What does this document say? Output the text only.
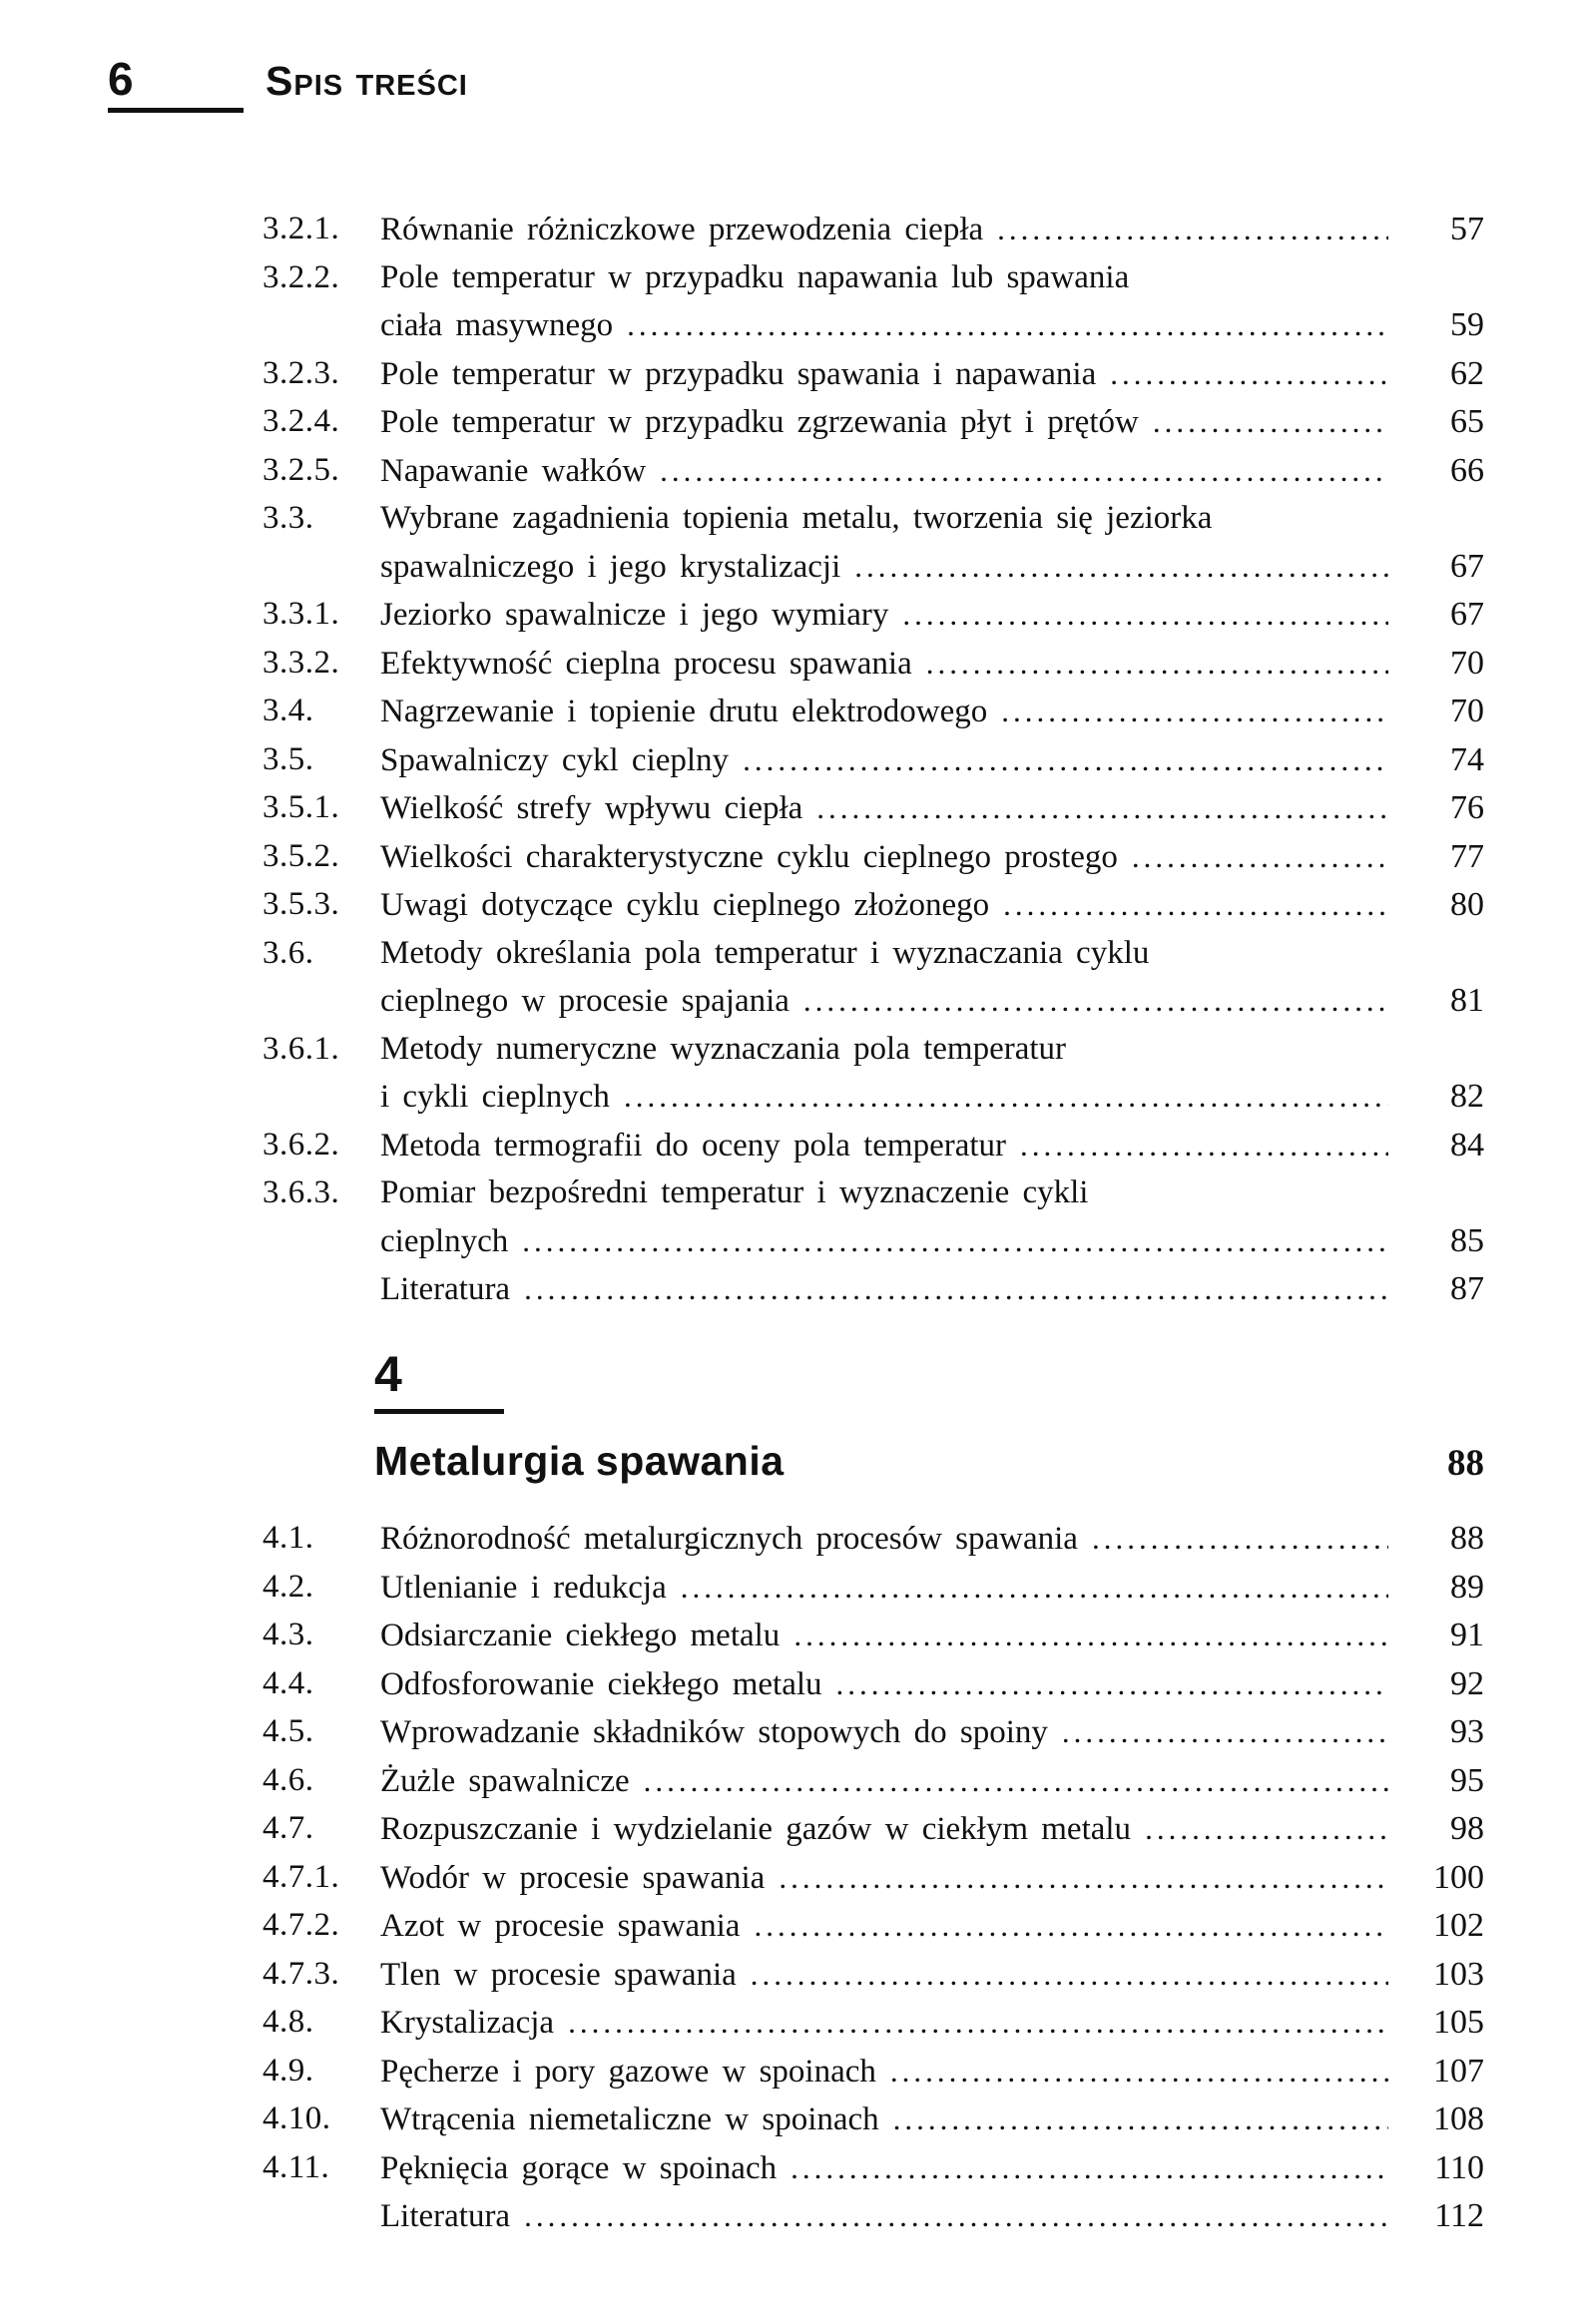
6	Spis treści
3.2.1.	Równanie różniczkowe przewodzenia ciepła .....	57
3.2.2.	Pole temperatur w przypadku napawania lub spawania
ciała masywnego .....	59
3.2.3.	Pole temperatur w przypadku spawania i napawania .....	62
3.2.4.	Pole temperatur w przypadku zgrzewania płyt i prętów .....	65
3.2.5.	Napawanie wałków .....	66
3.3.	Wybrane zagadnienia topienia metalu, tworzenia się jeziorka
spawalniczego i jego krystalizacji .....	67
3.3.1.	Jeziorko spawalnicze i jego wymiary .....	67
3.3.2.	Efektywność cieplna procesu spawania .....	70
3.4.	Nagrzewanie i topienie drutu elektrodowego .....	70
3.5.	Spawalniczy cykl cieplny .....	74
3.5.1.	Wielkość strefy wpływu ciepła .....	76
3.5.2.	Wielkości charakterystyczne cyklu cieplnego prostego .....	77
3.5.3.	Uwagi dotyczące cyklu cieplnego złożonego .....	80
3.6.	Metody określania pola temperatur i wyznaczania cyklu
cieplnego w procesie spajania .....	81
3.6.1.	Metody numeryczne wyznaczania pola temperatur
i cykli cieplnych .....	82
3.6.2.	Metoda termografii do oceny pola temperatur .....	84
3.6.3.	Pomiar bezpośredni temperatur i wyznaczenie cykli
cieplnych .....	85
Literatura .....	87
4
Metalurgia spawania	88
4.1.	Różnorodność metalurgicznych procesów spawania .....	88
4.2.	Utlenianie i redukcja .....	89
4.3.	Odsiarczanie ciekłego metalu .....	91
4.4.	Odfosforowanie ciekłego metalu .....	92
4.5.	Wprowadzanie składników stopowych do spoiny .....	93
4.6.	Żużle spawalnicze .....	95
4.7.	Rozpuszczanie i wydzielanie gazów w ciekłym metalu .....	98
4.7.1.	Wodór w procesie spawania .....	100
4.7.2.	Azot w procesie spawania .....	102
4.7.3.	Tlen w procesie spawania .....	103
4.8.	Krystalizacja .....	105
4.9.	Pęcherze i pory gazowe w spoinach .....	107
4.10.	Wtrącenia niemetaliczne w spoinach .....	108
4.11.	Pęknięcia gorące w spoinach .....	110
Literatura .....	112
